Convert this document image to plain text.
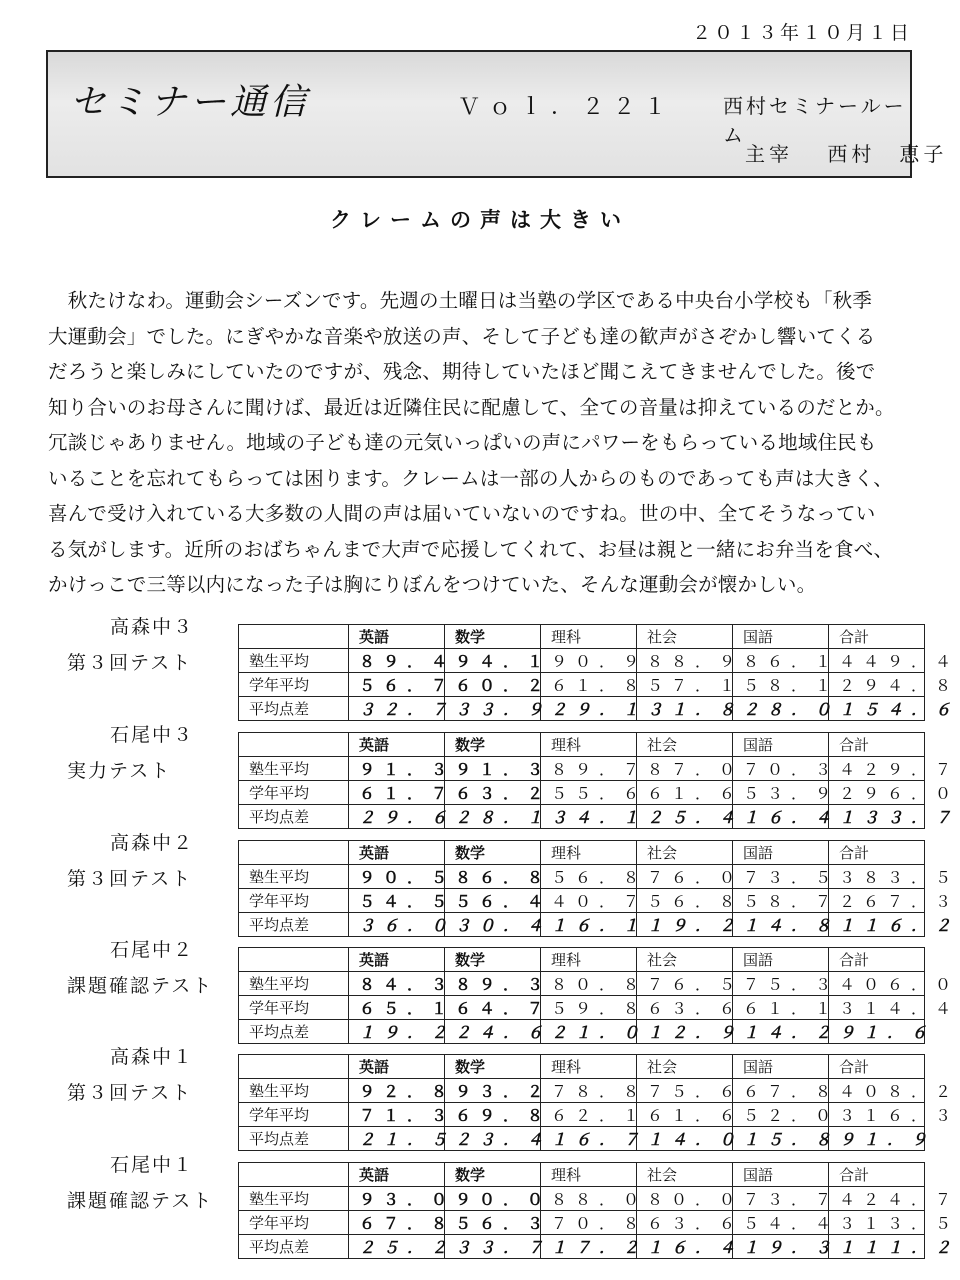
２０１３年１０月１日
セミナー通信	Ｖｏｌ．２２１ 西村セミナールーム
主宰　 西村　恵子
クレームの声は大きい
　秋たけなわ。運動会シーズンです。先週の土曜日は当塾の学区である中央台小学校も「秋季
大運動会」でした。にぎやかな音楽や放送の声、そして子ども達の歓声がさぞかし響いてくる
だろうと楽しみにしていたのですが、残念、期待していたほど聞こえてきませんでした。後で
知り合いのお母さんに聞けば、最近は近隣住民に配慮して、全ての音量は抑えているのだとか。
冗談じゃありません。地域の子ども達の元気いっぱいの声にパワーをもらっている地域住民も
いることを忘れてもらっては困ります。クレームは一部の人からのものであっても声は大きく、
喜んで受け入れている大多数の人間の声は届いていないのですね。世の中、全てそうなってい
る気がします。近所のおばちゃんまで大声で応援してくれて、お昼は親と一緒にお弁当を食べ、
かけっこで三等以内になった子は胸にりぼんをつけていた、そんな運動会が懐かしい。
高森中３
第３回テスト
	英語	数学	理科	社会	国語	合計
塾生平均	８９．４	９４．１	９０．９	８８．９	８６．１	４４９．４
学年平均	５６．７	６０．２	６１．８	５７．１	５８．１	２９４．８
平均点差	３２．７	３３．９	２９．１	３１．８	２８．０	１５４．６
石尾中３
実力テスト
	英語	数学	理科	社会	国語	合計
塾生平均	９１．３	９１．３	８９．７	８７．０	７０．３	４２９．７
学年平均	６１．７	６３．２	５５．６	６１．６	５３．９	２９６．０
平均点差	２９．６	２８．１	３４．１	２５．４	１６．４	１３３．７
高森中２
第３回テスト
	英語	数学	理科	社会	国語	合計
塾生平均	９０．５	８６．８	５６．８	７６．０	７３．５	３８３．５
学年平均	５４．５	５６．４	４０．７	５６．８	５８．７	２６７．３
平均点差	３６．０	３０．４	１６．１	１９．２	１４．８	１１６．２
石尾中２
課題確認テスト
	英語	数学	理科	社会	国語	合計
塾生平均	８４．３	８９．３	８０．８	７６．５	７５．３	４０６．０
学年平均	６５．１	６４．７	５９．８	６３．６	６１．１	３１４．４
平均点差	１９．２	２４．６	２１．０	１２．９	１４．２	９１．６
高森中１
第３回テスト
	英語	数学	理科	社会	国語	合計
塾生平均	９２．８	９３．２	７８．８	７５．６	６７．８	４０８．２
学年平均	７１．３	６９．８	６２．１	６１．６	５２．０	３１６．３
平均点差	２１．５	２３．４	１６．７	１４．０	１５．８	９１．９
石尾中１
課題確認テスト
	英語	数学	理科	社会	国語	合計
塾生平均	９３．０	９０．０	８８．０	８０．０	７３．７	４２４．７
学年平均	６７．８	５６．３	７０．８	６３．６	５４．４	３１３．５
平均点差	２５．２	３３．７	１７．２	１６．４	１９．３	１１１．２
